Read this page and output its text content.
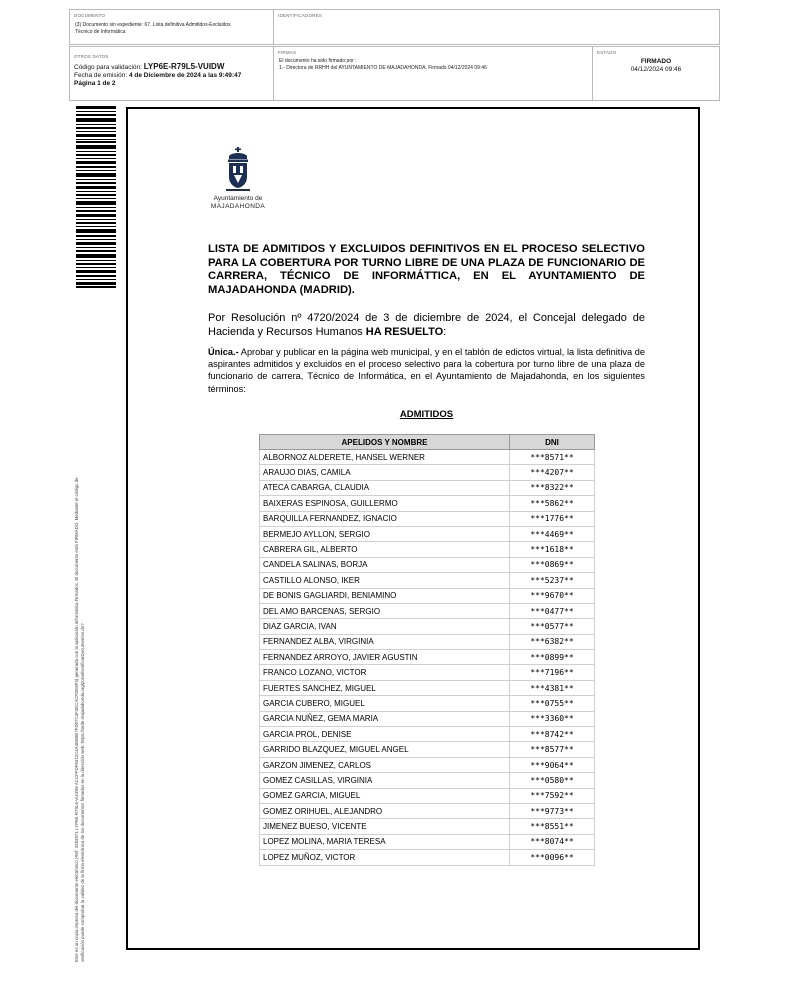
DOCUMENTO
(3) Documento sin expediente: 67. Lista definitiva Admitidos-Excluidos Técnico de Informática
IDENTIFICADORES
OTROS DATOS
Código para validación: LYP6E-R79L5-VUIDW
Fecha de emisión: 4 de Diciembre de 2024 a las 9:49:47
Página 1 de 2
FIRMAS
El documento ha sido firmado por :
1.- Directora de RRHH del AYUNTAMIENTO DE MAJADAHONDA. Firmado 04/12/2024 09:46
ESTADO
FIRMADO
04/12/2024 09:46
Este es un copia impresa del documento electrónico (Ref: 3283971 LYP6E-R79L5-VUIDW ACCFFDF8312C4A4EB5E7FD07C3F4ECACFDE8F3) generada con la aplicación informática Firmadoc. El documento está FIRMADO. Mediante el código de verificación puede comprobar la validez de la firma electrónica de los documentos firmados en la dirección web: https://sede.majadahonda.org/portal/verificarDocumentos.do?
Ayuntamiento de
MAJADAHONDA
LISTA DE ADMITIDOS Y EXCLUIDOS DEFINITIVOS EN EL PROCESO SELECTIVO PARA LA COBERTURA POR TURNO LIBRE DE UNA PLAZA DE FUNCIONARIO DE CARRERA, TÉCNICO DE INFORMÁTTICA, EN EL AYUNTAMIENTO DE MAJADAHONDA (MADRID).
Por Resolución nº 4720/2024 de 3 de diciembre de 2024, el Concejal delegado de Hacienda y Recursos Humanos HA RESUELTO:
Única.- Aprobar y publicar en la página web municipal, y en el tablón de edictos virtual, la lista definitiva de aspirantes admitidos y excluidos en el proceso selectivo para la cobertura por turno libre de una plaza de funcionario de carrera, Técnico de Informática, en el Ayuntamiento de Majadahonda, en los siguientes términos:
ADMITIDOS
APELIDOS Y NOMBRE	DNI
ALBORNOZ ALDERETE, HANSEL WERNER	***8571**
ARAUJO DIAS, CAMILA	***4207**
ATECA CABARGA, CLAUDIA	***8322**
BAIXERAS ESPINOSA, GUILLERMO	***5862**
BARQUILLA FERNANDEZ, IGNACIO	***1776**
BERMEJO AYLLON, SERGIO	***4469**
CABRERA GIL, ALBERTO	***1618**
CANDELA SALINAS, BORJA	***0869**
CASTILLO ALONSO, IKER	***5237**
DE BONIS GAGLIARDI, BENIAMINO	***9670**
DEL AMO BARCENAS, SERGIO	***0477**
DIAZ GARCIA, IVAN	***0577**
FERNANDEZ ALBA, VIRGINIA	***6382**
FERNANDEZ ARROYO, JAVIER AGUSTIN	***0899**
FRANCO LOZANO, VICTOR	***7196**
FUERTES SANCHEZ, MIGUEL	***4381**
GARCIA CUBERO, MIGUEL	***0755**
GARCIA NUÑEZ, GEMA MARIA	***3360**
GARCIA PROL, DENISE	***8742**
GARRIDO BLAZQUEZ, MIGUEL ANGEL	***8577**
GARZON JIMENEZ, CARLOS	***9064**
GOMEZ CASILLAS, VIRGINIA	***0580**
GOMEZ GARCIA, MIGUEL	***7592**
GOMEZ ORIHUEL, ALEJANDRO	***9773**
JIMENEZ BUESO, VICENTE	***8551**
LOPEZ MOLINA, MARIA TERESA	***8074**
LOPEZ MUÑOZ, VICTOR	***0096**
